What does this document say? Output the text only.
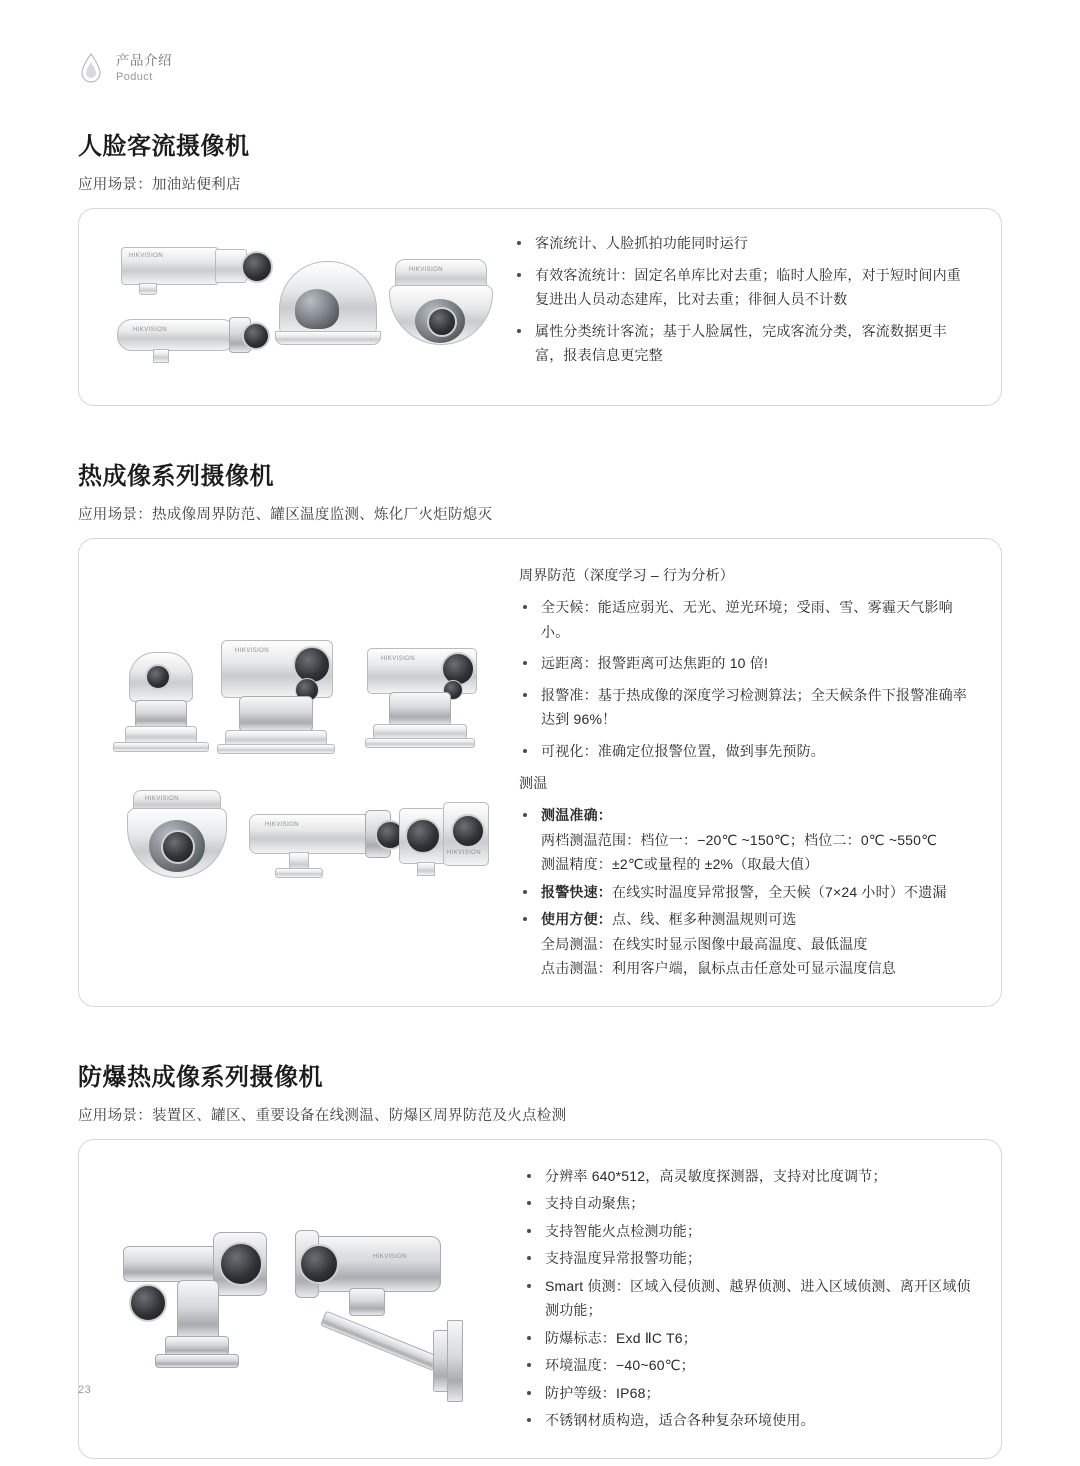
产品介绍
Poduct
人脸客流摄像机
应用场景：加油站便利店
HIKVISION
HIKVISION
HIKVISION
客流统计、人脸抓拍功能同时运行
有效客流统计：固定名单库比对去重；临时人脸库，对于短时间内重复进出人员动态建库，比对去重；徘徊人员不计数
属性分类统计客流；基于人脸属性，完成客流分类，客流数据更丰富，报表信息更完整
热成像系列摄像机
应用场景：热成像周界防范、罐区温度监测、炼化厂火炬防熄灭
HIKVISION
HIKVISION
HIKVISION
HIKVISION
HIKVISION
周界防范（深度学习 – 行为分析）
全天候：能适应弱光、无光、逆光环境；受雨、雪、雾霾天气影响小。
远距离：报警距离可达焦距的 10 倍!
报警准：基于热成像的深度学习检测算法；全天候条件下报警准确率达到 96%！
可视化：准确定位报警位置，做到事先预防。
测温
测温准确：
两档测温范围：档位一：−20℃ ~150℃；档位二：0℃ ~550℃
测温精度：±2℃或量程的 ±2%（取最大值）
报警快速：在线实时温度异常报警，全天候（7×24 小时）不遗漏
使用方便：点、线、框多种测温规则可选
全局测温：在线实时显示图像中最高温度、最低温度
点击测温：利用客户端，鼠标点击任意处可显示温度信息
防爆热成像系列摄像机
应用场景：装置区、罐区、重要设备在线测温、防爆区周界防范及火点检测
HIKVISION
分辨率 640*512，高灵敏度探测器，支持对比度调节；
支持自动聚焦；
支持智能火点检测功能；
支持温度异常报警功能；
Smart 侦测：区域入侵侦测、越界侦测、进入区域侦测、离开区域侦测功能；
防爆标志：Exd ⅡC T6；
环境温度：−40~60℃；
防护等级：IP68；
不锈钢材质构造，适合各种复杂环境使用。
23
